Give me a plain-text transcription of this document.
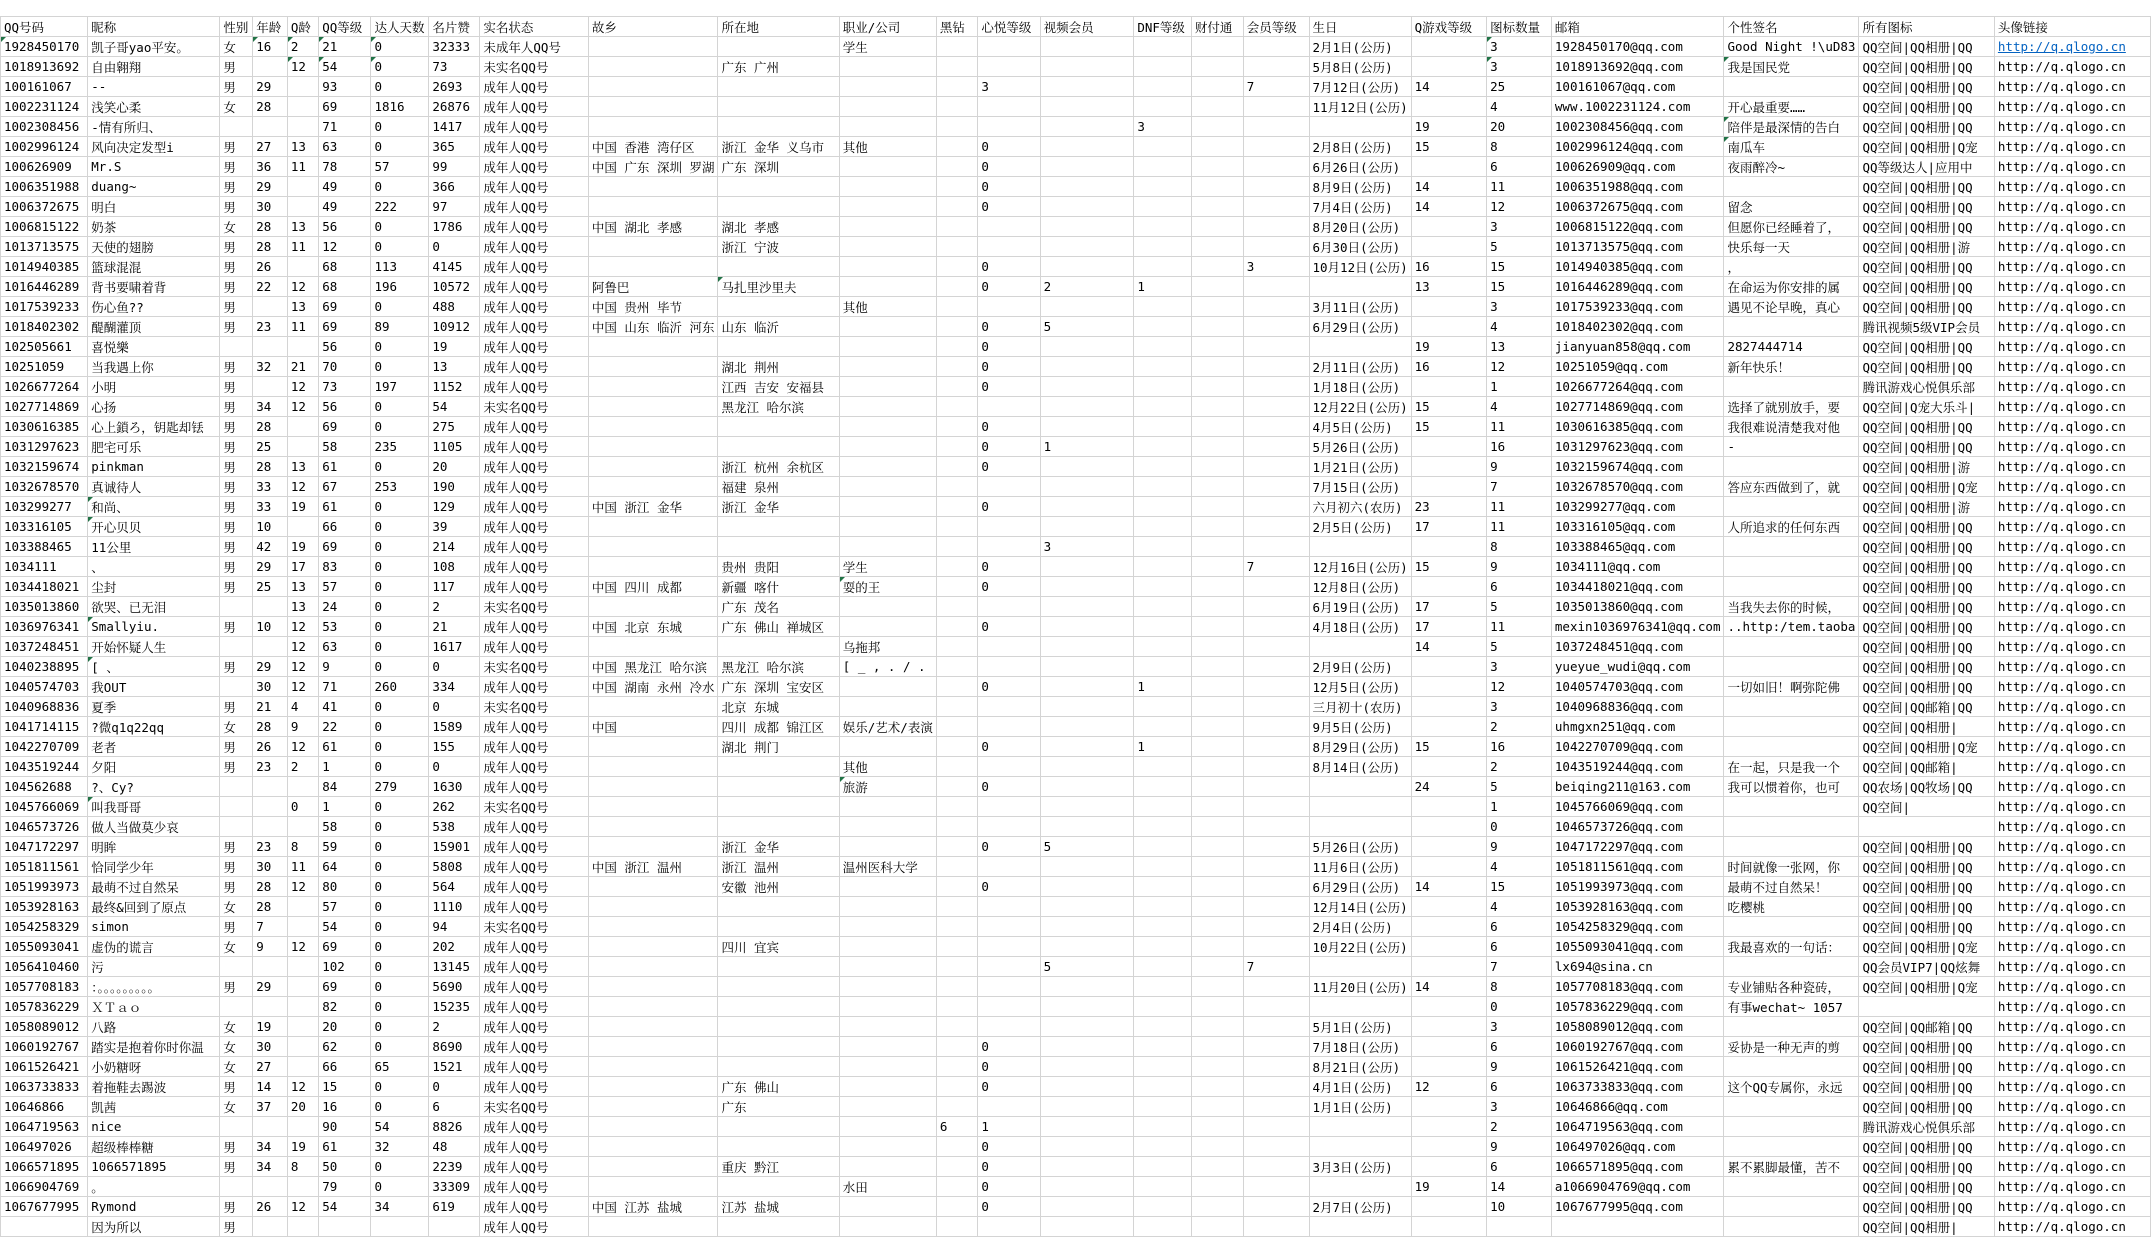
QQ号码	昵称	性别	年龄	Q龄	QQ等级	达人天数	名片赞	实名状态	故乡	所在地	职业/公司	黑钻	心悦等级	视频会员	DNF等级	财付通	会员等级	生日	Q游戏等级	图标数量	邮箱	个性签名	所有图标	头像链接
1928450170	凯子哥yao平安。	女	16	2	21	0	32333	未成年人QQ号			学生							2月1日(公历)		3	1928450170@qq.com	Good Night !\uD83	QQ空间|QQ相册|QQ	http://q.qlogo.cn
1018913692	自由翱翔	男		12	54	0	73	未实名QQ号		广东 广州								5月8日(公历)		3	1018913692@qq.com	我是国民党	QQ空间|QQ相册|QQ	http://q.qlogo.cn
100161067	--	男	29		93	0	2693	成年人QQ号					3				7	7月12日(公历)	14	25	100161067@qq.com		QQ空间|QQ相册|QQ	http://q.qlogo.cn
1002231124	浅笑心柔	女	28		69	1816	26876	成年人QQ号										11月12日(公历)		4	www.1002231124.com	开心最重要……	QQ空间|QQ相册|QQ	http://q.qlogo.cn
1002308456	-情有所归、				71	0	1417	成年人QQ号							3				19	20	1002308456@qq.com	陪伴是最深情的告白	QQ空间|QQ相册|QQ	http://q.qlogo.cn
1002996124	风向决定发型i	男	27	13	63	0	365	成年人QQ号	中国 香港 湾仔区	浙江 金华 义乌市	其他		0					2月8日(公历)	15	8	1002996124@qq.com	南瓜车	QQ空间|QQ相册|Q宠	http://q.qlogo.cn
100626909	Mr.S	男	36	11	78	57	99	成年人QQ号	中国 广东 深圳 罗湖	广东 深圳			0					6月26日(公历)		6	100626909@qq.com	夜雨醉冷~	QQ等级达人|应用中	http://q.qlogo.cn
1006351988	duang~	男	29		49	0	366	成年人QQ号					0					8月9日(公历)	14	11	1006351988@qq.com		QQ空间|QQ相册|QQ	http://q.qlogo.cn
1006372675	明白	男	30		49	222	97	成年人QQ号					0					7月4日(公历)	14	12	1006372675@qq.com	留念	QQ空间|QQ相册|QQ	http://q.qlogo.cn
1006815122	奶茶	女	28	13	56	0	1786	成年人QQ号	中国 湖北 孝感	湖北 孝感								8月20日(公历)		3	1006815122@qq.com	但愿你已经睡着了，	QQ空间|QQ相册|QQ	http://q.qlogo.cn
1013713575	天使的翅膀	男	28	11	12	0	0	成年人QQ号		浙江 宁波								6月30日(公历)		5	1013713575@qq.com	快乐每一天	QQ空间|QQ相册|游	http://q.qlogo.cn
1014940385	篮球混混	男	26		68	113	4145	成年人QQ号					0				3	10月12日(公历)	16	15	1014940385@qq.com	，	QQ空间|QQ相册|QQ	http://q.qlogo.cn
1016446289	背书要啸着背	男	22	12	68	196	10572	成年人QQ号	阿鲁巴	马扎里沙里夫			0	2	1				13	15	1016446289@qq.com	在命运为你安排的属	QQ空间|QQ相册|QQ	http://q.qlogo.cn
1017539233	伤心鱼??	男		13	69	0	488	成年人QQ号	中国 贵州 毕节		其他							3月11日(公历)		3	1017539233@qq.com	遇见不论早晚，真心	QQ空间|QQ相册|QQ	http://q.qlogo.cn
1018402302	醍醐灌顶	男	23	11	69	89	10912	成年人QQ号	中国 山东 临沂 河东	山东 临沂			0	5				6月29日(公历)		4	1018402302@qq.com		腾讯视频5级VIP会员	http://q.qlogo.cn
102505661	喜悦樂				56	0	19	成年人QQ号					0						19	13	jianyuan858@qq.com	2827444714	QQ空间|QQ相册|QQ	http://q.qlogo.cn
10251059	当我遇上你	男	32	21	70	0	13	成年人QQ号		湖北 荆州			0					2月11日(公历)	16	12	10251059@qq.com	新年快乐！	QQ空间|QQ相册|QQ	http://q.qlogo.cn
1026677264	小明	男		12	73	197	1152	成年人QQ号		江西 吉安 安福县			0					1月18日(公历)		1	1026677264@qq.com		腾讯游戏心悦俱乐部	http://q.qlogo.cn
1027714869	心扬	男	34	12	56	0	54	未实名QQ号		黑龙江 哈尔滨								12月22日(公历)	15	4	1027714869@qq.com	选择了就别放手，要	QQ空间|Q宠大乐斗|	http://q.qlogo.cn
1030616385	心上鎖ろ，钥匙却铥	男	28		69	0	275	成年人QQ号					0					4月5日(公历)	15	11	1030616385@qq.com	我很难说清楚我对他	QQ空间|QQ相册|QQ	http://q.qlogo.cn
1031297623	肥宅可乐	男	25		58	235	1105	成年人QQ号					0	1				5月26日(公历)		16	1031297623@qq.com	-	QQ空间|QQ相册|QQ	http://q.qlogo.cn
1032159674	pinkman	男	28	13	61	0	20	成年人QQ号		浙江 杭州 余杭区			0					1月21日(公历)		9	1032159674@qq.com		QQ空间|QQ相册|游	http://q.qlogo.cn
1032678570	真诚待人	男	33	12	67	253	190	成年人QQ号		福建 泉州								7月15日(公历)		7	1032678570@qq.com	答应东西做到了，就	QQ空间|QQ相册|Q宠	http://q.qlogo.cn
103299277	和尚、	男	33	19	61	0	129	成年人QQ号	中国 浙江 金华	浙江 金华			0					六月初六(农历)	23	11	103299277@qq.com		QQ空间|QQ相册|游	http://q.qlogo.cn
103316105	开心贝贝	男	10		66	0	39	成年人QQ号										2月5日(公历)	17	11	103316105@qq.com	人所追求的任何东西	QQ空间|QQ相册|QQ	http://q.qlogo.cn
103388465	11公里	男	42	19	69	0	214	成年人QQ号						3						8	103388465@qq.com		QQ空间|QQ相册|QQ	http://q.qlogo.cn
1034111	、	男	29	17	83	0	108	成年人QQ号		贵州 贵阳	学生		0				7	12月16日(公历)	15	9	1034111@qq.com		QQ空间|QQ相册|QQ	http://q.qlogo.cn
1034418021	尘封	男	25	13	57	0	117	成年人QQ号	中国 四川 成都	新疆 喀什	耍的王		0					12月8日(公历)		6	1034418021@qq.com		QQ空间|QQ相册|QQ	http://q.qlogo.cn
1035013860	欲哭、已无泪			13	24	0	2	未实名QQ号		广东 茂名								6月19日(公历)	17	5	1035013860@qq.com	当我失去你的时候，	QQ空间|QQ相册|QQ	http://q.qlogo.cn
1036976341	Smallyiu.	男	10	12	53	0	21	成年人QQ号	中国 北京 东城	广东 佛山 禅城区			0					4月18日(公历)	17	11	mexin1036976341@qq.com	..http:/tem.taoba	QQ空间|QQ相册|QQ	http://q.qlogo.cn
1037248451	开始怀疑人生			12	63	0	1617	成年人QQ号			乌拖邦								14	5	1037248451@qq.com		QQ空间|QQ相册|QQ	http://q.qlogo.cn
1040238895	[ 、	男	29	12	9	0	0	未实名QQ号	中国 黑龙江 哈尔滨	黑龙江 哈尔滨	[ _ , . / .							2月9日(公历)		3	yueyue_wudi@qq.com		QQ空间|QQ相册|QQ	http://q.qlogo.cn
1040574703	我OUT		30	12	71	260	334	成年人QQ号	中国 湖南 永州 冷水	广东 深圳 宝安区			0		1			12月5日(公历)		12	1040574703@qq.com	一切如旧！啊弥陀佛	QQ空间|QQ相册|QQ	http://q.qlogo.cn
1040968836	夏季	男	21	4	41	0	0	未实名QQ号		北京 东城								三月初十(农历)		3	1040968836@qq.com		QQ空间|QQ邮箱|QQ	http://q.qlogo.cn
1041714115	?微q1q22qq	女	28	9	22	0	1589	成年人QQ号	中国	四川 成都 锦江区	娱乐/艺术/表演							9月5日(公历)		2	uhmgxn251@qq.com		QQ空间|QQ相册|	http://q.qlogo.cn
1042270709	老者	男	26	12	61	0	155	成年人QQ号		湖北 荆门			0		1			8月29日(公历)	15	16	1042270709@qq.com		QQ空间|QQ相册|Q宠	http://q.qlogo.cn
1043519244	夕阳	男	23	2	1	0	0	成年人QQ号			其他							8月14日(公历)		2	1043519244@qq.com	在一起，只是我一个	QQ空间|QQ邮箱|	http://q.qlogo.cn
104562688	?、Cy?				84	279	1630	成年人QQ号			旅游		0						24	5	beiqing211@163.com	我可以惯着你，也可	QQ农场|QQ牧场|QQ	http://q.qlogo.cn
1045766069	叫我哥哥			0	1	0	262	未实名QQ号												1	1045766069@qq.com		QQ空间|	http://q.qlogo.cn
1046573726	做人当做莫少哀				58	0	538	成年人QQ号												0	1046573726@qq.com			http://q.qlogo.cn
1047172297	明眸	男	23	8	59	0	15901	成年人QQ号		浙江 金华			0	5				5月26日(公历)		9	1047172297@qq.com		QQ空间|QQ相册|QQ	http://q.qlogo.cn
1051811561	恰同学少年	男	30	11	64	0	5808	成年人QQ号	中国 浙江 温州	浙江 温州	温州医科大学							11月6日(公历)		4	1051811561@qq.com	时间就像一张网，你	QQ空间|QQ相册|QQ	http://q.qlogo.cn
1051993973	最萌不过自然呆	男	28	12	80	0	564	成年人QQ号		安徽 池州			0					6月29日(公历)	14	15	1051993973@qq.com	最萌不过自然呆！	QQ空间|QQ相册|QQ	http://q.qlogo.cn
1053928163	最终&回到了原点	女	28		57	0	1110	成年人QQ号										12月14日(公历)		4	1053928163@qq.com	吃樱桃	QQ空间|QQ相册|QQ	http://q.qlogo.cn
1054258329	simon	男	7		54	0	94	未实名QQ号										2月4日(公历)		6	1054258329@qq.com		QQ空间|QQ相册|QQ	http://q.qlogo.cn
1055093041	虚伪的谎言	女	9	12	69	0	202	成年人QQ号		四川 宜宾								10月22日(公历)		6	1055093041@qq.com	我最喜欢的一句话：	QQ空间|QQ相册|Q宠	http://q.qlogo.cn
1056410460	污				102	0	13145	成年人QQ号						5			7			7	lx694@sina.cn		QQ会员VIP7|QQ炫舞	http://q.qlogo.cn
1057708183	：。。。。。。。。。	男	29		69	0	5690	成年人QQ号										11月20日(公历)	14	8	1057708183@qq.com	专业铺贴各种瓷砖，	QQ空间|QQ相册|Q宠	http://q.qlogo.cn
1057836229	ＸＴａｏ				82	0	15235	成年人QQ号												0	1057836229@qq.com	有事wechat~ 1057		http://q.qlogo.cn
1058089012	八路	女	19		20	0	2	成年人QQ号										5月1日(公历)		3	1058089012@qq.com		QQ空间|QQ邮箱|QQ	http://q.qlogo.cn
1060192767	踏实是抱着你时你温	女	30		62	0	8690	成年人QQ号					0					7月18日(公历)		6	1060192767@qq.com	妥协是一种无声的剪	QQ空间|QQ相册|QQ	http://q.qlogo.cn
1061526421	小奶糖呀	女	27		66	65	1521	成年人QQ号					0					8月21日(公历)		9	1061526421@qq.com		QQ空间|QQ相册|QQ	http://q.qlogo.cn
1063733833	着拖鞋去踢波	男	14	12	15	0	0	成年人QQ号		广东 佛山			0					4月1日(公历)	12	6	1063733833@qq.com	这个QQ专属你，永远	QQ空间|QQ相册|QQ	http://q.qlogo.cn
10646866	凯茜	女	37	20	16	0	6	未实名QQ号		广东								1月1日(公历)		3	10646866@qq.com		QQ空间|QQ相册|QQ	http://q.qlogo.cn
1064719563	nice				90	54	8826	成年人QQ号				6	1							2	1064719563@qq.com		腾讯游戏心悦俱乐部	http://q.qlogo.cn
106497026	超级棒棒糖	男	34	19	61	32	48	成年人QQ号					0							9	106497026@qq.com		QQ空间|QQ相册|QQ	http://q.qlogo.cn
1066571895	1066571895	男	34	8	50	0	2239	成年人QQ号		重庆 黔江			0					3月3日(公历)		6	1066571895@qq.com	累不累脚最懂，苦不	QQ空间|QQ相册|QQ	http://q.qlogo.cn
1066904769	。				79	0	33309	成年人QQ号			水田		0						19	14	a1066904769@qq.com		QQ空间|QQ相册|QQ	http://q.qlogo.cn
1067677995	Rymond	男	26	12	54	34	619	成年人QQ号	中国 江苏 盐城	江苏 盐城			0					2月7日(公历)		10	1067677995@qq.com		QQ空间|QQ相册|QQ	http://q.qlogo.cn
	因为所以	男						成年人QQ号															QQ空间|QQ相册|	http://q.qlogo.cn
